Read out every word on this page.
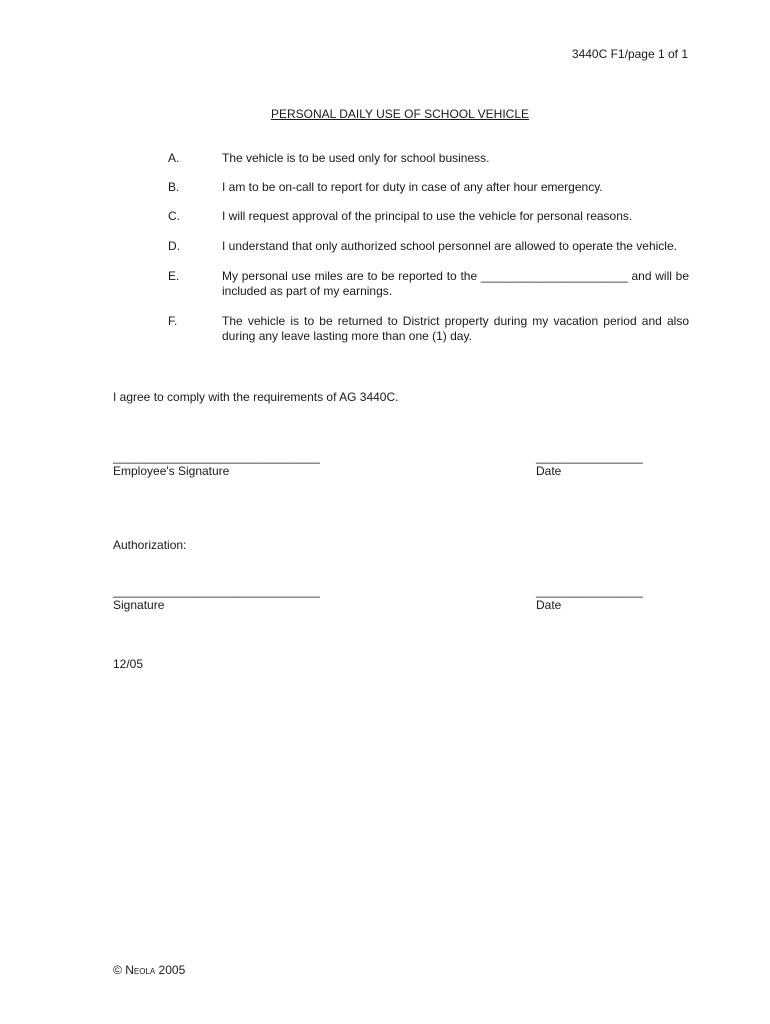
3440C F1/page 1 of 1
PERSONAL DAILY USE OF SCHOOL VEHICLE
A.	The vehicle is to be used only for school business.
B.	I am to be on-call to report for duty in case of any after hour emergency.
C.	I will request approval of the principal to use the vehicle for personal reasons.
D.	I understand that only authorized school personnel are allowed to operate the vehicle.
E.	My personal use miles are to be reported to the ______________________ and will be included as part of my earnings.
F.	The vehicle is to be returned to District property during my vacation period and also during any leave lasting more than one (1) day.
I agree to comply with the requirements of AG 3440C.
_______________________________
Employee's Signature
________________
Date
Authorization:
_______________________________
Signature
________________
Date
12/05
© Neola 2005
